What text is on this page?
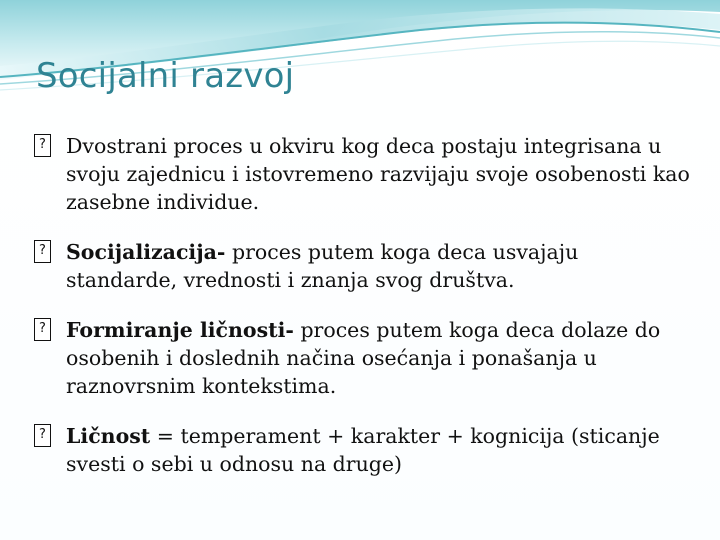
Socijalni razvoj

? Dvostrani proces u okviru kog deca postaju integrisana u svoju zajednicu i istovremeno razvijaju svoje osobenosti kao zasebne individue.

? Socijalizacija- proces putem koga deca usvajaju standarde, vrednosti i znanja svog društva.

? Formiranje ličnosti- proces putem koga deca dolaze do osobenih i doslednih načina osećanja i ponašanja u raznovrsnim kontekstima.

? Ličnost = temperament + karakter + kognicija (sticanje svesti o sebi u odnosu na druge)
